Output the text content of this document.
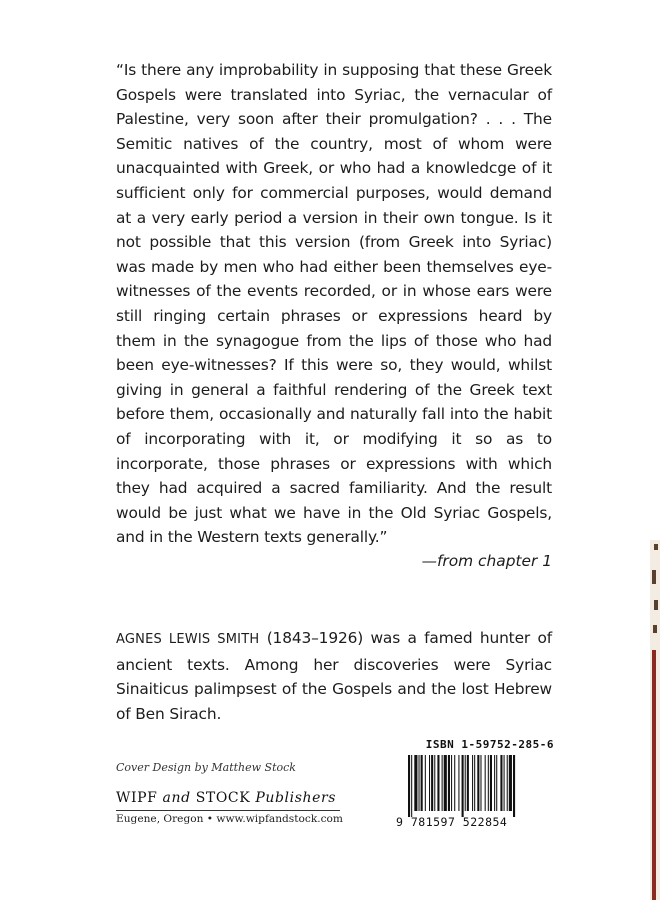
“Is there any improbability in supposing that these Greek Gospels were translated into Syriac, the vernacular of Palestine, very soon after their promulgation? . . . The Semitic natives of the country, most of whom were unacquainted with Greek, or who had a knowledcge of it sufficient only for commercial purposes, would demand at a very early period a version in their own tongue. Is it not possible that this version (from Greek into Syriac) was made by men who had either been themselves eye-witnesses of the events recorded, or in whose ears were still ringing certain phrases or expressions heard by them in the synagogue from the lips of those who had been eye-witnesses? If this were so, they would, whilst giving in general a faithful rendering of the Greek text before them, occasionally and naturally fall into the habit of incorporating with it, or modifying it so as to incorporate, those phrases or expressions with which they had acquired a sacred familiarity. And the result would be just what we have in the Old Syriac Gospels, and in the Western texts generally.”

—from chapter 1

AGNES LEWIS SMITH (1843–1926) was a famed hunter of ancient texts. Among her discoveries were Syriac Sinaiticus palimpsest of the Gospels and the lost Hebrew of Ben Sirach.

Cover Design by Matthew Stock
WIPF and STOCK Publishers
Eugene, Oregon • www.wipfandstock.com
ISBN 1-59752-285-6
9 781597 522854
